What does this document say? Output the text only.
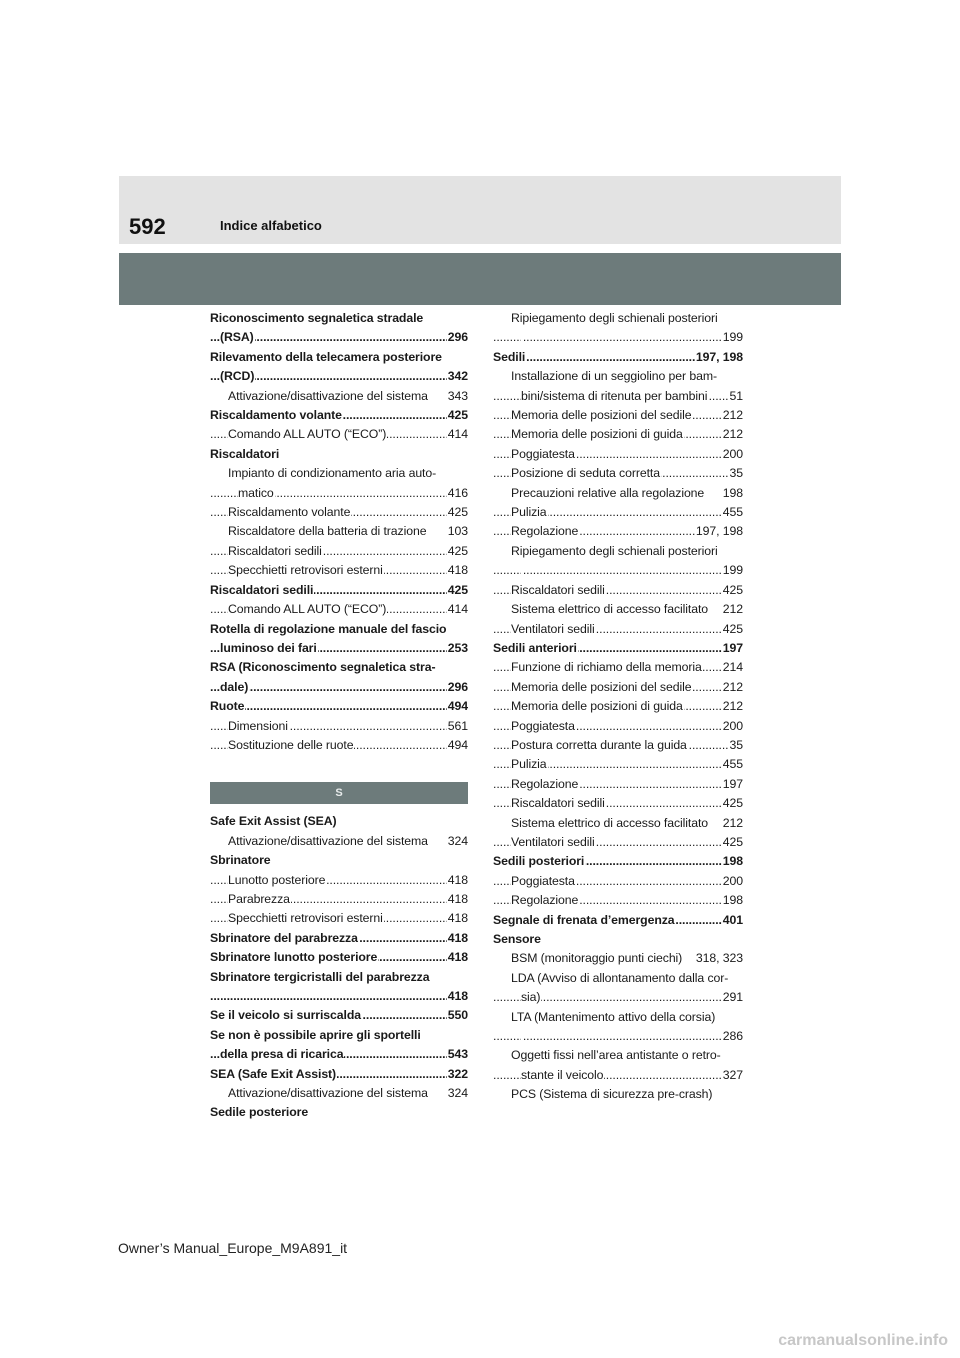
592	Indice alfabetico
Riconoscimento segnaletica stradale
(RSA)	296
.....
Rilevamento della telecamera posteriore
(RCD)	342
.....
Attivazione/disattivazione del sistema 343
Riscaldamento volante	425
.....
Comando ALL AUTO (“ECO”)	414
.....
Riscaldatori
Impianto di condizionamento aria auto-
matico	416
.....
Riscaldamento volante	425
.....
Riscaldatore della batteria di trazione 103
Riscaldatori sedili	425
.....
Specchietti retrovisori esterni	418
.....
Riscaldatori sedili	425
.....
Comando ALL AUTO (“ECO”)	414
.....
Rotella di regolazione manuale del fascio
luminoso dei fari	253
.....
RSA (Riconoscimento segnaletica stra-
dale)	296
.....
Ruote	494
.....
Dimensioni	561
.....
Sostituzione delle ruote	494
.....
S
Safe Exit Assist (SEA)
Attivazione/disattivazione del sistema 324
Sbrinatore
Lunotto posteriore	418
.....
Parabrezza	418
.....
Specchietti retrovisori esterni	418
.....
Sbrinatore del parabrezza	418
.....
Sbrinatore lunotto posteriore	418
.....
Sbrinatore tergicristalli del parabrezza
418
.....
Se il veicolo si surriscalda	550
.....
Se non è possibile aprire gli sportelli
della presa di ricarica	543
.....
SEA (Safe Exit Assist)	322
.....
Attivazione/disattivazione del sistema 324
Sedile posteriore
Ripiegamento degli schienali posteriori
199
.....
Sedili	197, 198
.....
Installazione di un seggiolino per bam-
bini/sistema di ritenuta per bambini 51
.....
Memoria delle posizioni del sedile	212
.....
Memoria delle posizioni di guida	212
.....
Poggiatesta	200
.....
Posizione di seduta corretta	35
.....
Precauzioni relative alla regolazione 198
Pulizia	455
.....
Regolazione	197, 198
.....
Ripiegamento degli schienali posteriori
199
.....
Riscaldatori sedili	425
.....
Sistema elettrico di accesso facilitato 212
Ventilatori sedili	425
.....
Sedili anteriori	197
.....
Funzione di richiamo della memoria 214
.....
Memoria delle posizioni del sedile	212
.....
Memoria delle posizioni di guida	212
.....
Poggiatesta	200
.....
Postura corretta durante la guida	35
.....
Pulizia	455
.....
Regolazione	197
.....
Riscaldatori sedili	425
.....
Sistema elettrico di accesso facilitato 212
Ventilatori sedili	425
.....
Sedili posteriori	198
.....
Poggiatesta	200
.....
Regolazione	198
.....
Segnale di frenata d’emergenza	401
.....
Sensore
BSM (monitoraggio punti ciechi) 318, 323
LDA (Avviso di allontanamento dalla cor-
sia)	291
.....
LTA (Mantenimento attivo della corsia)
286
.....
Oggetti fissi nell’area antistante o retro-
stante il veicolo	327
.....
PCS (Sistema di sicurezza pre-crash)
Owner’s Manual_Europe_M9A891_it
carmanualsonline.info
